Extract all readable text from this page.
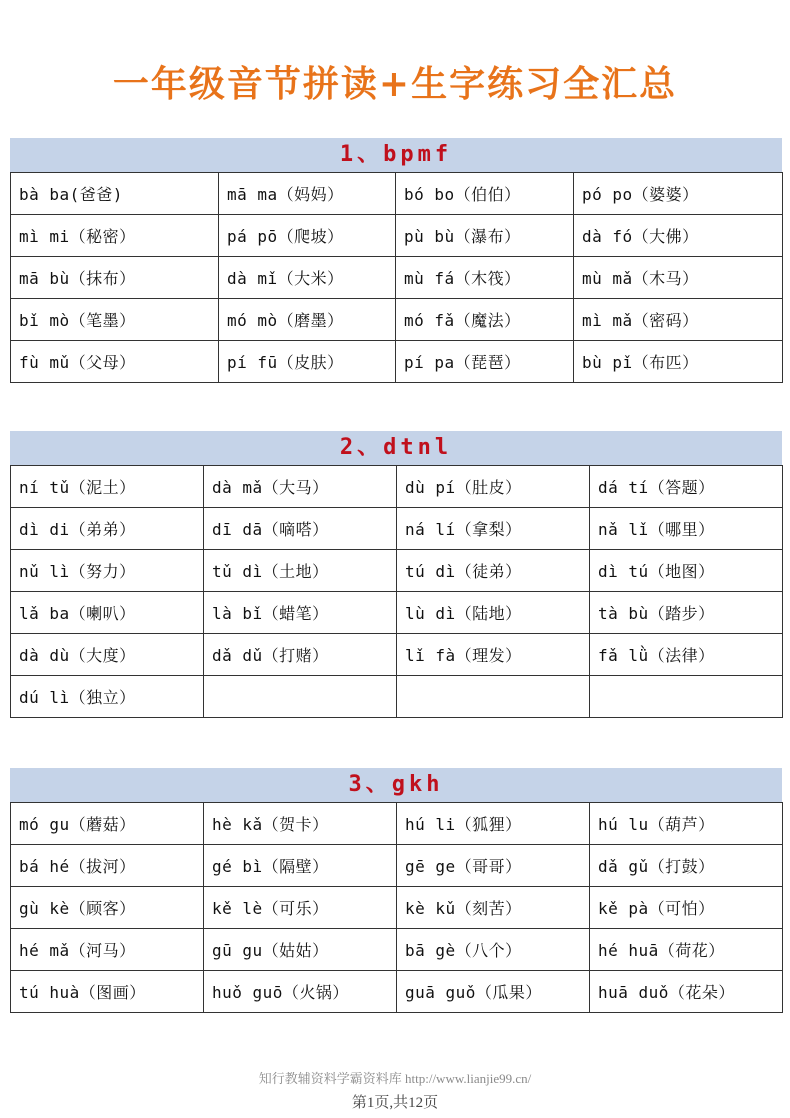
一年级音节拼读+生字练习全汇总
1、bpmf
bà ba(爸爸)	mā ma（妈妈）	bó bo（伯伯）	pó po（婆婆）
mì mi（秘密）	pá pō（爬坡）	pù bù（瀑布）	dà fó（大佛）
mā bù（抹布）	dà mǐ（大米）	mù fá（木筏）	mù mǎ（木马）
bǐ mò（笔墨）	mó mò（磨墨）	mó fǎ（魔法）	mì mǎ（密码）
fù mǔ（父母）	pí fū（皮肤）	pí pa（琵琶）	bù pǐ（布匹）
2、dtnl
ní tǔ（泥土）	dà mǎ（大马）	dù pí（肚皮）	dá tí（答题）
dì di（弟弟）	dī dā（嘀嗒）	ná lí（拿梨）	nǎ lǐ（哪里）
nǔ lì（努力）	tǔ dì（土地）	tú dì（徒弟）	dì tú（地图）
lǎ ba（喇叭）	là bǐ（蜡笔）	lù dì（陆地）	tà bù（踏步）
dà dù（大度）	dǎ dǔ（打赌）	lǐ fà（理发）	fǎ lǜ（法律）
dú lì（独立）			
3、gkh
mó gu（蘑菇）	hè kǎ（贺卡）	hú li（狐狸）	hú lu（葫芦）
bá hé（拔河）	gé bì（隔壁）	gē ge（哥哥）	dǎ gǔ（打鼓）
gù kè（顾客）	kě lè（可乐）	kè kǔ（刻苦）	kě pà（可怕）
hé mǎ（河马）	gū gu（姑姑）	bā gè（八个）	hé huā（荷花）
tú huà（图画）	huǒ guō（火锅）	guā guǒ（瓜果）	huā duǒ（花朵）
知行教辅资料学霸资料库 http://www.lianjie99.cn/
第1页,共12页
